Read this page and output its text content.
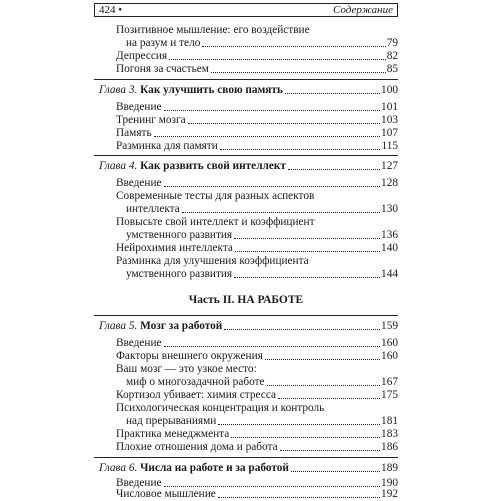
424 •	Содержание
Позитивное мышление: его воздействие
на разум и тело	79
Депрессия	82
Погоня за счастьем	85
Глава 3. Как улучшить свою память	100
Введение	101
Тренинг мозга	103
Память	107
Разминка для памяти	115
Глава 4. Как развить свой интеллект	127
Введение	128
Современные тесты для разных аспектов
интеллекта	130
Повысьте свой интеллект и коэффициент
умственного развития	136
Нейрохимия интеллекта	140
Разминка для улучшения коэффициента
умственного развития	144
Часть II. НА РАБОТЕ
Глава 5. Мозг за работой	159
Введение	160
Факторы внешнего окружения	160
Ваш мозг — это узкое место:
миф о многозадачной работе	167
Кортизол убивает: химия стресса	175
Психологическая концентрация и контроль
над прерываниями	181
Практика менеджмента	183
Плохие отношения дома и работа	186
Глава 6. Числа на работе и за работой	189
Введение	190
Числовое мышление	192
